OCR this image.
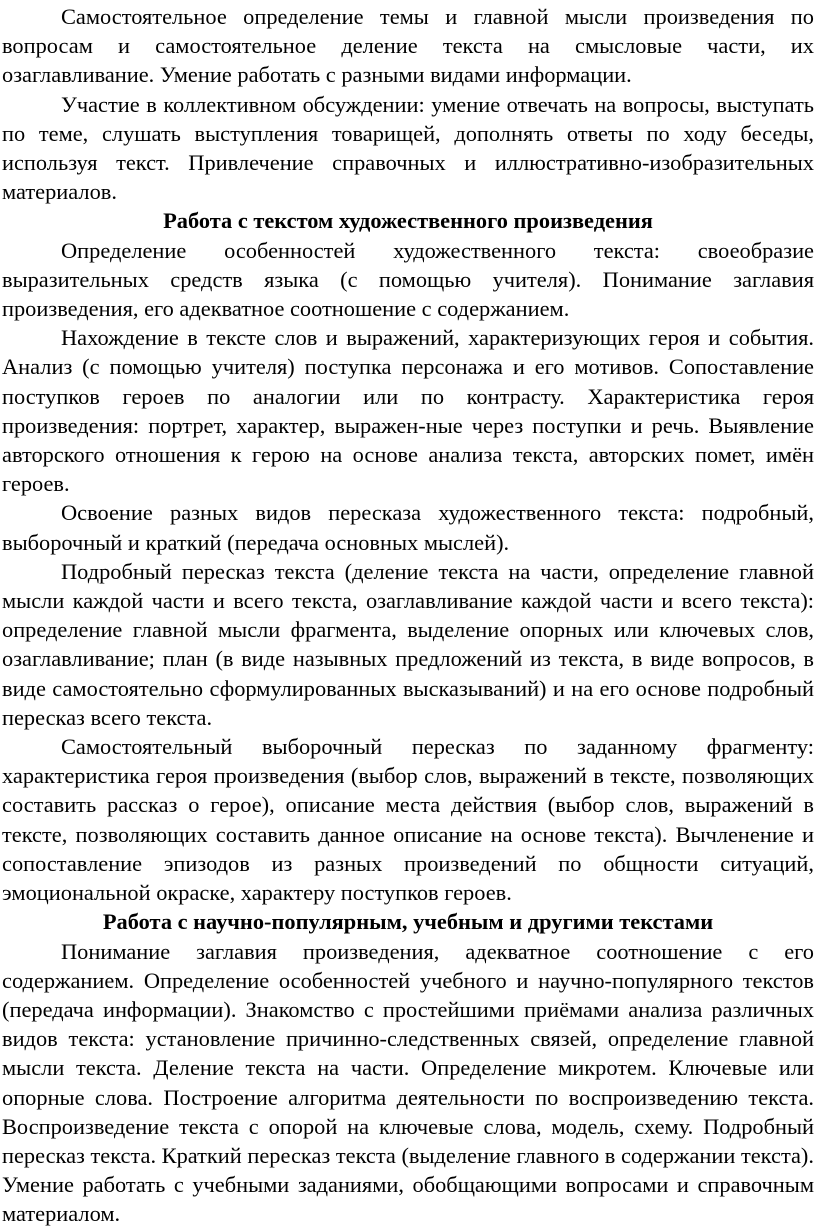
Самостоятельное определение темы и главной мысли произведения по вопросам и самостоятельное деление текста на смысловые части, их озаглавливание. Умение работать с разными видами информации.

Участие в коллективном обсуждении: умение отвечать на вопросы, выступать по теме, слушать выступления товарищей, дополнять ответы по ходу беседы, используя текст. Привлечение справочных и иллюстративно-изобразительных материалов.

Работа с текстом художественного произведения

Определение особенностей художественного текста: своеобразие выразительных средств языка (с помощью учителя). Понимание заглавия произведения, его адекватное соотношение с содержанием.

Нахождение в тексте слов и выражений, характеризующих героя и события. Анализ (с помощью учителя) поступка персонажа и его мотивов. Сопоставление поступков героев по аналогии или по контрасту. Характеристика героя произведения: портрет, характер, выражен-ные через поступки и речь. Выявление авторского отношения к герою на основе анализа текста, авторских помет, имён героев.

Освоение разных видов пересказа художественного текста: подробный, выборочный и краткий (передача основных мыслей).

Подробный пересказ текста (деление текста на части, определение главной мысли каждой части и всего текста, озаглавливание каждой части и всего текста): определение главной мысли фрагмента, выделение опорных или ключевых слов, озаглавливание; план (в виде назывных предложений из текста, в виде вопросов, в виде самостоятельно сформулированных высказываний) и на его основе подробный пересказ всего текста.

Самостоятельный выборочный пересказ по заданному фрагменту: характеристика героя произведения (выбор слов, выражений в тексте, позволяющих составить рассказ о герое), описание места действия (выбор слов, выражений в тексте, позволяющих составить данное описание на основе текста). Вычленение и сопоставление эпизодов из разных произведений по общности ситуаций, эмоциональной окраске, характеру поступков героев.

Работа с научно-популярным, учебным и другими текстами

Понимание заглавия произведения, адекватное соотношение с его содержанием. Определение особенностей учебного и научно-популярного текстов (передача информации). Знакомство с простейшими приёмами анализа различных видов текста: установление причинно-следственных связей, определение главной мысли текста. Деление текста на части. Определение микротем. Ключевые или опорные слова. Построение алгоритма деятельности по воспроизведению текста. Воспроизведение текста с опорой на ключевые слова, модель, схему. Подробный пересказ текста. Краткий пересказ текста (выделение главного в содержании текста). Умение работать с учебными заданиями, обобщающими вопросами и справочным материалом.
